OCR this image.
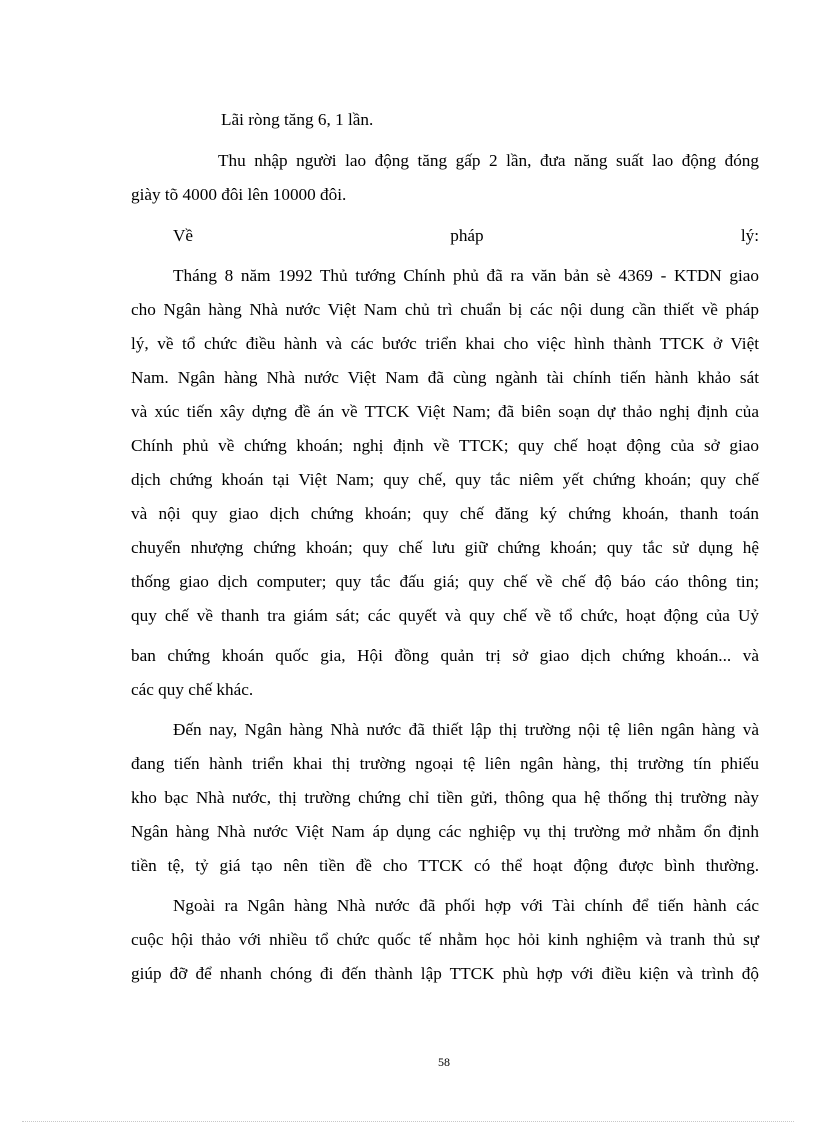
Lãi ròng tăng 6, 1 lần.
Thu nhập người lao động tăng gấp 2 lần, đưa năng suất lao động đóng
giày tõ 4000 đôi lên 10000 đôi.
Về                              pháp                              lý:
Tháng 8 năm 1992 Thủ tướng Chính phủ đã ra văn bản sè 4369 - KTDN giao
cho Ngân hàng Nhà nước Việt Nam chủ trì chuẩn bị các nội dung cần thiết về pháp
lý, về tổ chức điều hành và các bước triển khai cho việc hình thành TTCK ở Việt
Nam. Ngân hàng Nhà nước Việt Nam đã cùng ngành tài chính tiến hành khảo sát
và xúc tiến xây dựng đề án về TTCK Việt Nam; đã biên soạn dự thảo nghị định của
Chính phủ về chứng khoán; nghị định về TTCK; quy chế hoạt động của sở giao
dịch chứng khoán tại Việt Nam; quy chế, quy tắc niêm yết chứng khoán; quy chế
và nội quy giao dịch chứng khoán; quy chế đăng ký chứng khoán, thanh toán
chuyển nhượng chứng khoán; quy chế lưu giữ chứng khoán; quy tắc sử dụng hệ
thống giao dịch computer; quy tắc đấu giá; quy chế về chế độ báo cáo thông tin;
quy chế về thanh tra giám sát; các quyết và quy chế về tổ chức, hoạt động của Uỷ
ban chứng khoán quốc gia, Hội đồng quản trị sở giao dịch chứng khoán... và
các quy chế khác.
Đến nay, Ngân hàng Nhà nước đã thiết lập thị trường nội tệ liên ngân hàng và
đang tiến hành triển khai thị trường ngoại tệ liên ngân hàng, thị trường tín phiếu
kho bạc Nhà nước, thị trường chứng chỉ tiền gửi, thông qua hệ thống thị trường này
Ngân hàng Nhà nước Việt Nam áp dụng các nghiệp vụ thị trường mở nhằm ổn định
tiền tệ, tỷ giá tạo nên tiền đề cho TTCK có thể hoạt động được bình thường.
Ngoài ra Ngân hàng Nhà nước đã phối hợp với Tài chính để tiến hành các
cuộc hội thảo với nhiều tổ chức quốc tế nhằm học hỏi kinh nghiệm và tranh thủ sự
giúp đỡ để nhanh chóng đi đến thành lập TTCK phù hợp với điều kiện và trình độ
58
